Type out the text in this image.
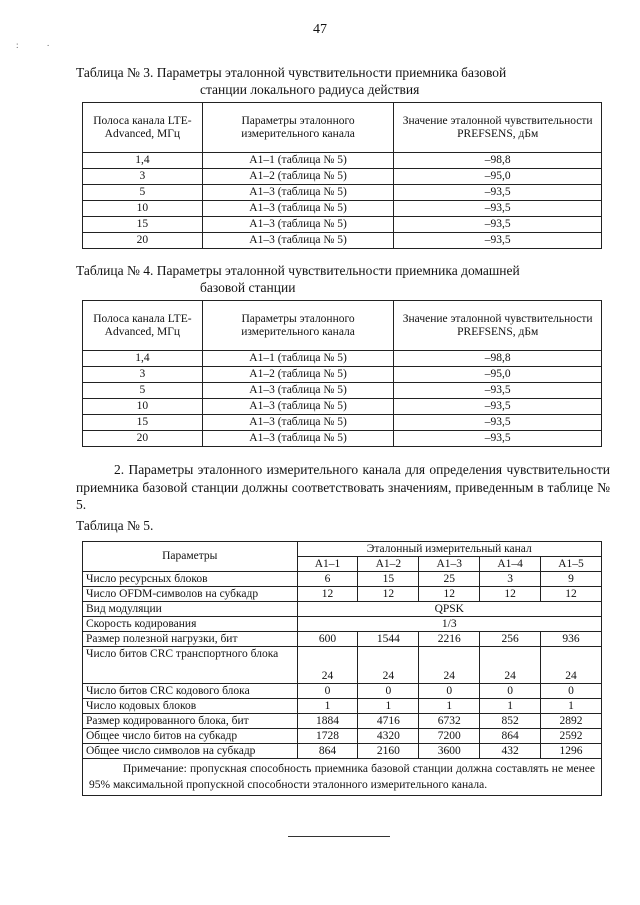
47
:	.
Таблица № 3. Параметры эталонной чувствительности приемника базовой
станции локального радиуса действия
Полоса канала LTE-Advanced, МГц	Параметры эталонного измерительного канала	Значение эталонной чувствительности PREFSENS, дБм
1,4	A1–1 (таблица № 5)	–98,8
3	A1–2 (таблица № 5)	–95,0
5	A1–3 (таблица № 5)	–93,5
10	A1–3 (таблица № 5)	–93,5
15	A1–3 (таблица № 5)	–93,5
20	A1–3 (таблица № 5)	–93,5
Таблица № 4. Параметры эталонной чувствительности приемника домашней
базовой станции
Полоса канала LTE-Advanced, МГц	Параметры эталонного измерительного канала	Значение эталонной чувствительности PREFSENS, дБм
1,4	A1–1 (таблица № 5)	–98,8
3	A1–2 (таблица № 5)	–95,0
5	A1–3 (таблица № 5)	–93,5
10	A1–3 (таблица № 5)	–93,5
15	A1–3 (таблица № 5)	–93,5
20	A1–3 (таблица № 5)	–93,5
2. Параметры эталонного измерительного канала для определения чувствительности приемника базовой станции должны соответствовать значениям, приведенным в таблице № 5.
Таблица № 5.
Параметры	Эталонный измерительный канал				
	A1–1	A1–2	A1–3	A1–4	A1–5
Число ресурсных блоков	6	15	25	3	9
Число OFDM-символов на субкадр	12	12	12	12	12
Вид модуляции	QPSK				
Скорость кодирования	1/3				
Размер полезной нагрузки, бит	600	1544	2216	256	936
Число битов CRC транспортного блока	24	24	24	24	24
Число битов CRC кодового блока	0	0	0	0	0
Число кодовых блоков	1	1	1	1	1
Размер кодированного блока, бит	1884	4716	6732	852	2892
Общее число битов на субкадр	1728	4320	7200	864	2592
Общее число символов на субкадр	864	2160	3600	432	1296
Примечание: пропускная способность приемника базовой станции должна составлять не менее 95% максимальной пропускной способности эталонного измерительного канала.					
